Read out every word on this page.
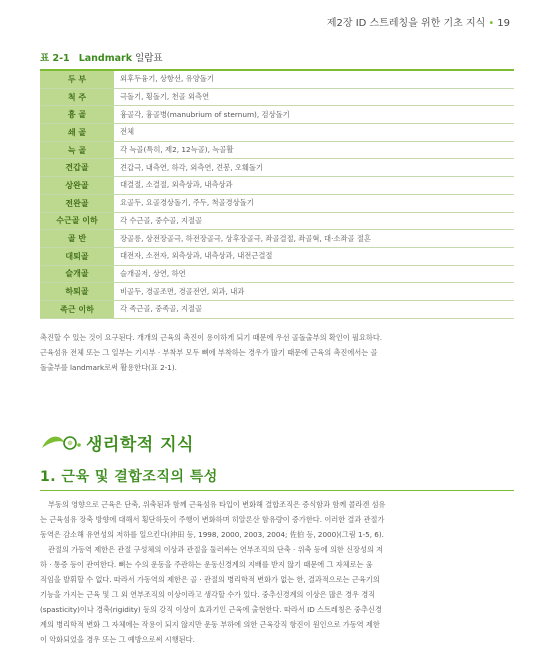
제2장 ID 스트레칭을 위한 기초 지식 • 19
표 2-1 Landmark 일람표
두 부	외후두융기, 상항선, 유양돌기
척 주	극돌기, 횡돌기, 천골 외측연
흉 골	흉골각, 흉골병(manubrium of sternum), 검상돌기
쇄 골	전체
늑 골	각 늑골(특히, 제2, 12늑골), 늑골활
견갑골	견갑극, 내측연, 하각, 외측연, 견봉, 오훼돌기
상완골	대결절, 소결절, 외측상과, 내측상과
전완골	요골두, 요골경상돌기, 주두, 척골경상돌기
수근골 이하	각 수근골, 중수골, 지절골
골 반	장골릉, 상전장골극, 하전장골극, 상후장골극, 좌골결절, 좌골혁, 대·소좌골 절흔
대퇴골	대전자, 소전자, 외측상과, 내측상과, 내전근결절
슬개골	슬개골저, 상연, 하연
하퇴골	비골두, 경골조면, 경골전연, 외과, 내과
족근 이하	각 족근골, 중족골, 지절골

촉진할 수 있는 것이 요구된다. 개개의 근육의 촉진이 용이하게 되기 때문에 우선 골돌출부의 확인이 필요하다.
근육섬유 전체 또는 그 일부는 기시부 · 부착부 모두 뼈에 부착하는 경우가 많기 때문에 근육의 촉진에서는 골
돌출부를 landmark로써 활용한다(표 2-1).

생리학적 지식
1. 근육 및 결합조직의 특성

부동의 영향으로 근육은 단축, 위축된과 함께 근육섬유 타입이 변화해 결합조직은 증식함과 함께 콜라겐 섬유
는 근육섬유 장축 방향에 대해서 횡단하듯이 주행이 변화하며 히알론산 함유량이 증가한다. 이러한 결과 관절가
동역은 감소해 유연성의 저하를 일으킨다(沖田 등, 1998, 2000, 2003, 2004; 佐伯 등, 2000)(그림 1-5, 6).
관절의 가동역 제한은 관절 구성체의 이상과 관절을 둘러싸는 연부조직의 단축 · 위축 등에 의한 신장성의 저
하 · 통증 등이 관여한다. 뼈는 수의 운동을 주관하는 운동신경계의 지배를 받지 않기 때문에 그 자체로는 움
직임을 발휘할 수 없다. 따라서 가동역의 제한은 골 · 관절의 병리학적 변화가 없는 한, 결과적으로는 근육기의
기능을 가지는 근육 및 그 외 연부조직의 이상이라고 생각할 수가 있다. 중추신경계의 이상은 많은 경우 경직
(spasticity)이나 경축(rigidity) 등의 강직 이상이 효과기인 근육에 출현한다. 따라서 ID 스트레칭은 중추신경
계의 병리학적 변화 그 자체에는 작용이 되지 않지만 운동 부하에 의한 근육강직 항진이 원인으로 가동역 제한
이 악화되었을 경우 또는 그 예방으로써 시행된다.
